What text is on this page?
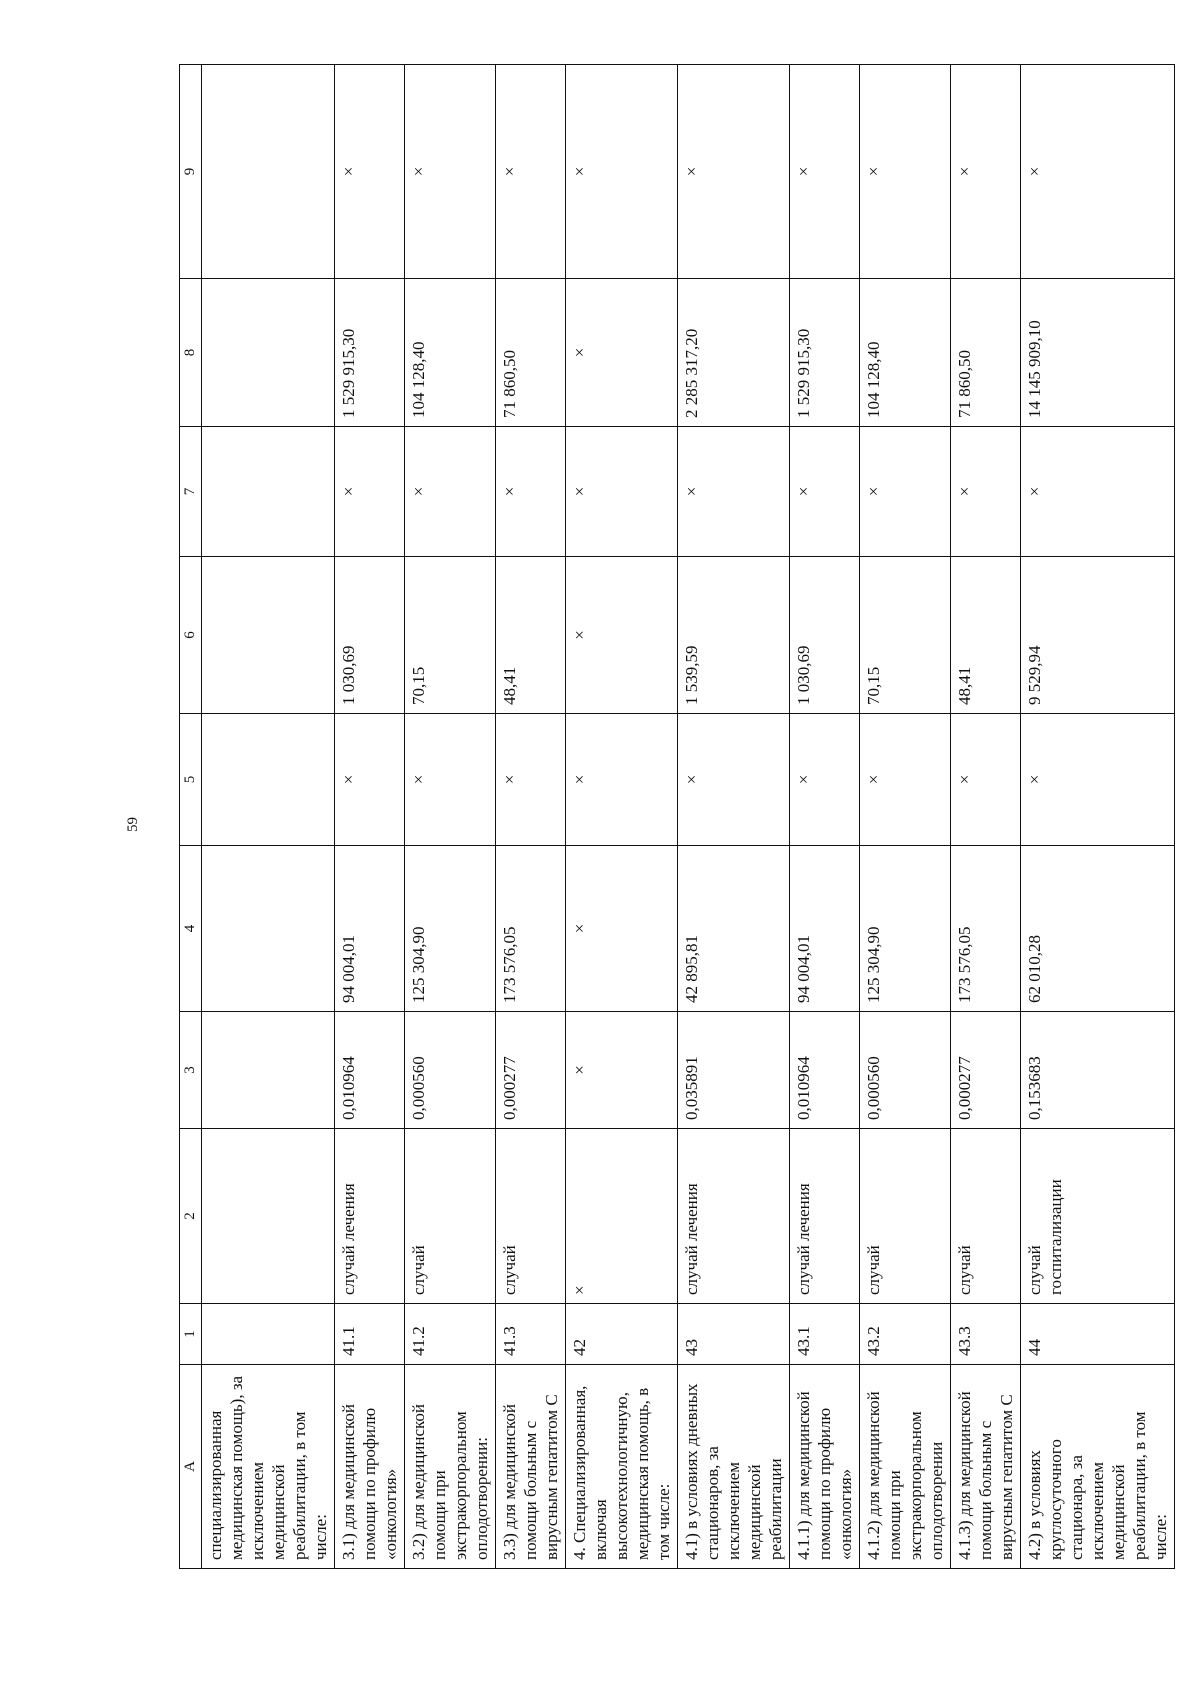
59
А	1	2	3	4	5	6	7	8	9
специализированная медицинская помощь), за исключением медицинской реабилитации, в том числе:									
3.1) для медицинской помощи по профилю «онкология»	41.1	случай лечения	0,010964	94 004,01	×	1 030,69	×	1 529 915,30	×
3.2) для медицинской помощи при экстракорпоральном оплодотворении:	41.2	случай	0,000560	125 304,90	×	70,15	×	104 128,40	×
3.3) для медицинской помощи больным с вирусным гепатитом С	41.3	случай	0,000277	173 576,05	×	48,41	×	71 860,50	×
4. Специализированная, включая высокотехнологичную, медицинская помощь, в том числе:	42	×	×	×	×	×	×	×	×
4.1) в условиях дневных стационаров, за исключением медицинской реабилитации	43	случай лечения	0,035891	42 895,81	×	1 539,59	×	2 285 317,20	×
4.1.1) для медицинской помощи по профилю «онкология»	43.1	случай лечения	0,010964	94 004,01	×	1 030,69	×	1 529 915,30	×
4.1.2) для медицинской помощи при экстракорпоральном оплодотворении	43.2	случай	0,000560	125 304,90	×	70,15	×	104 128,40	×
4.1.3) для медицинской помощи больным с вирусным гепатитом С	43.3	случай	0,000277	173 576,05	×	48,41	×	71 860,50	×
4.2) в условиях круглосуточного стационара, за исключением медицинской реабилитации, в том числе:	44	случай госпитализации	0,153683	62 010,28	×	9 529,94	×	14 145 909,10	×
